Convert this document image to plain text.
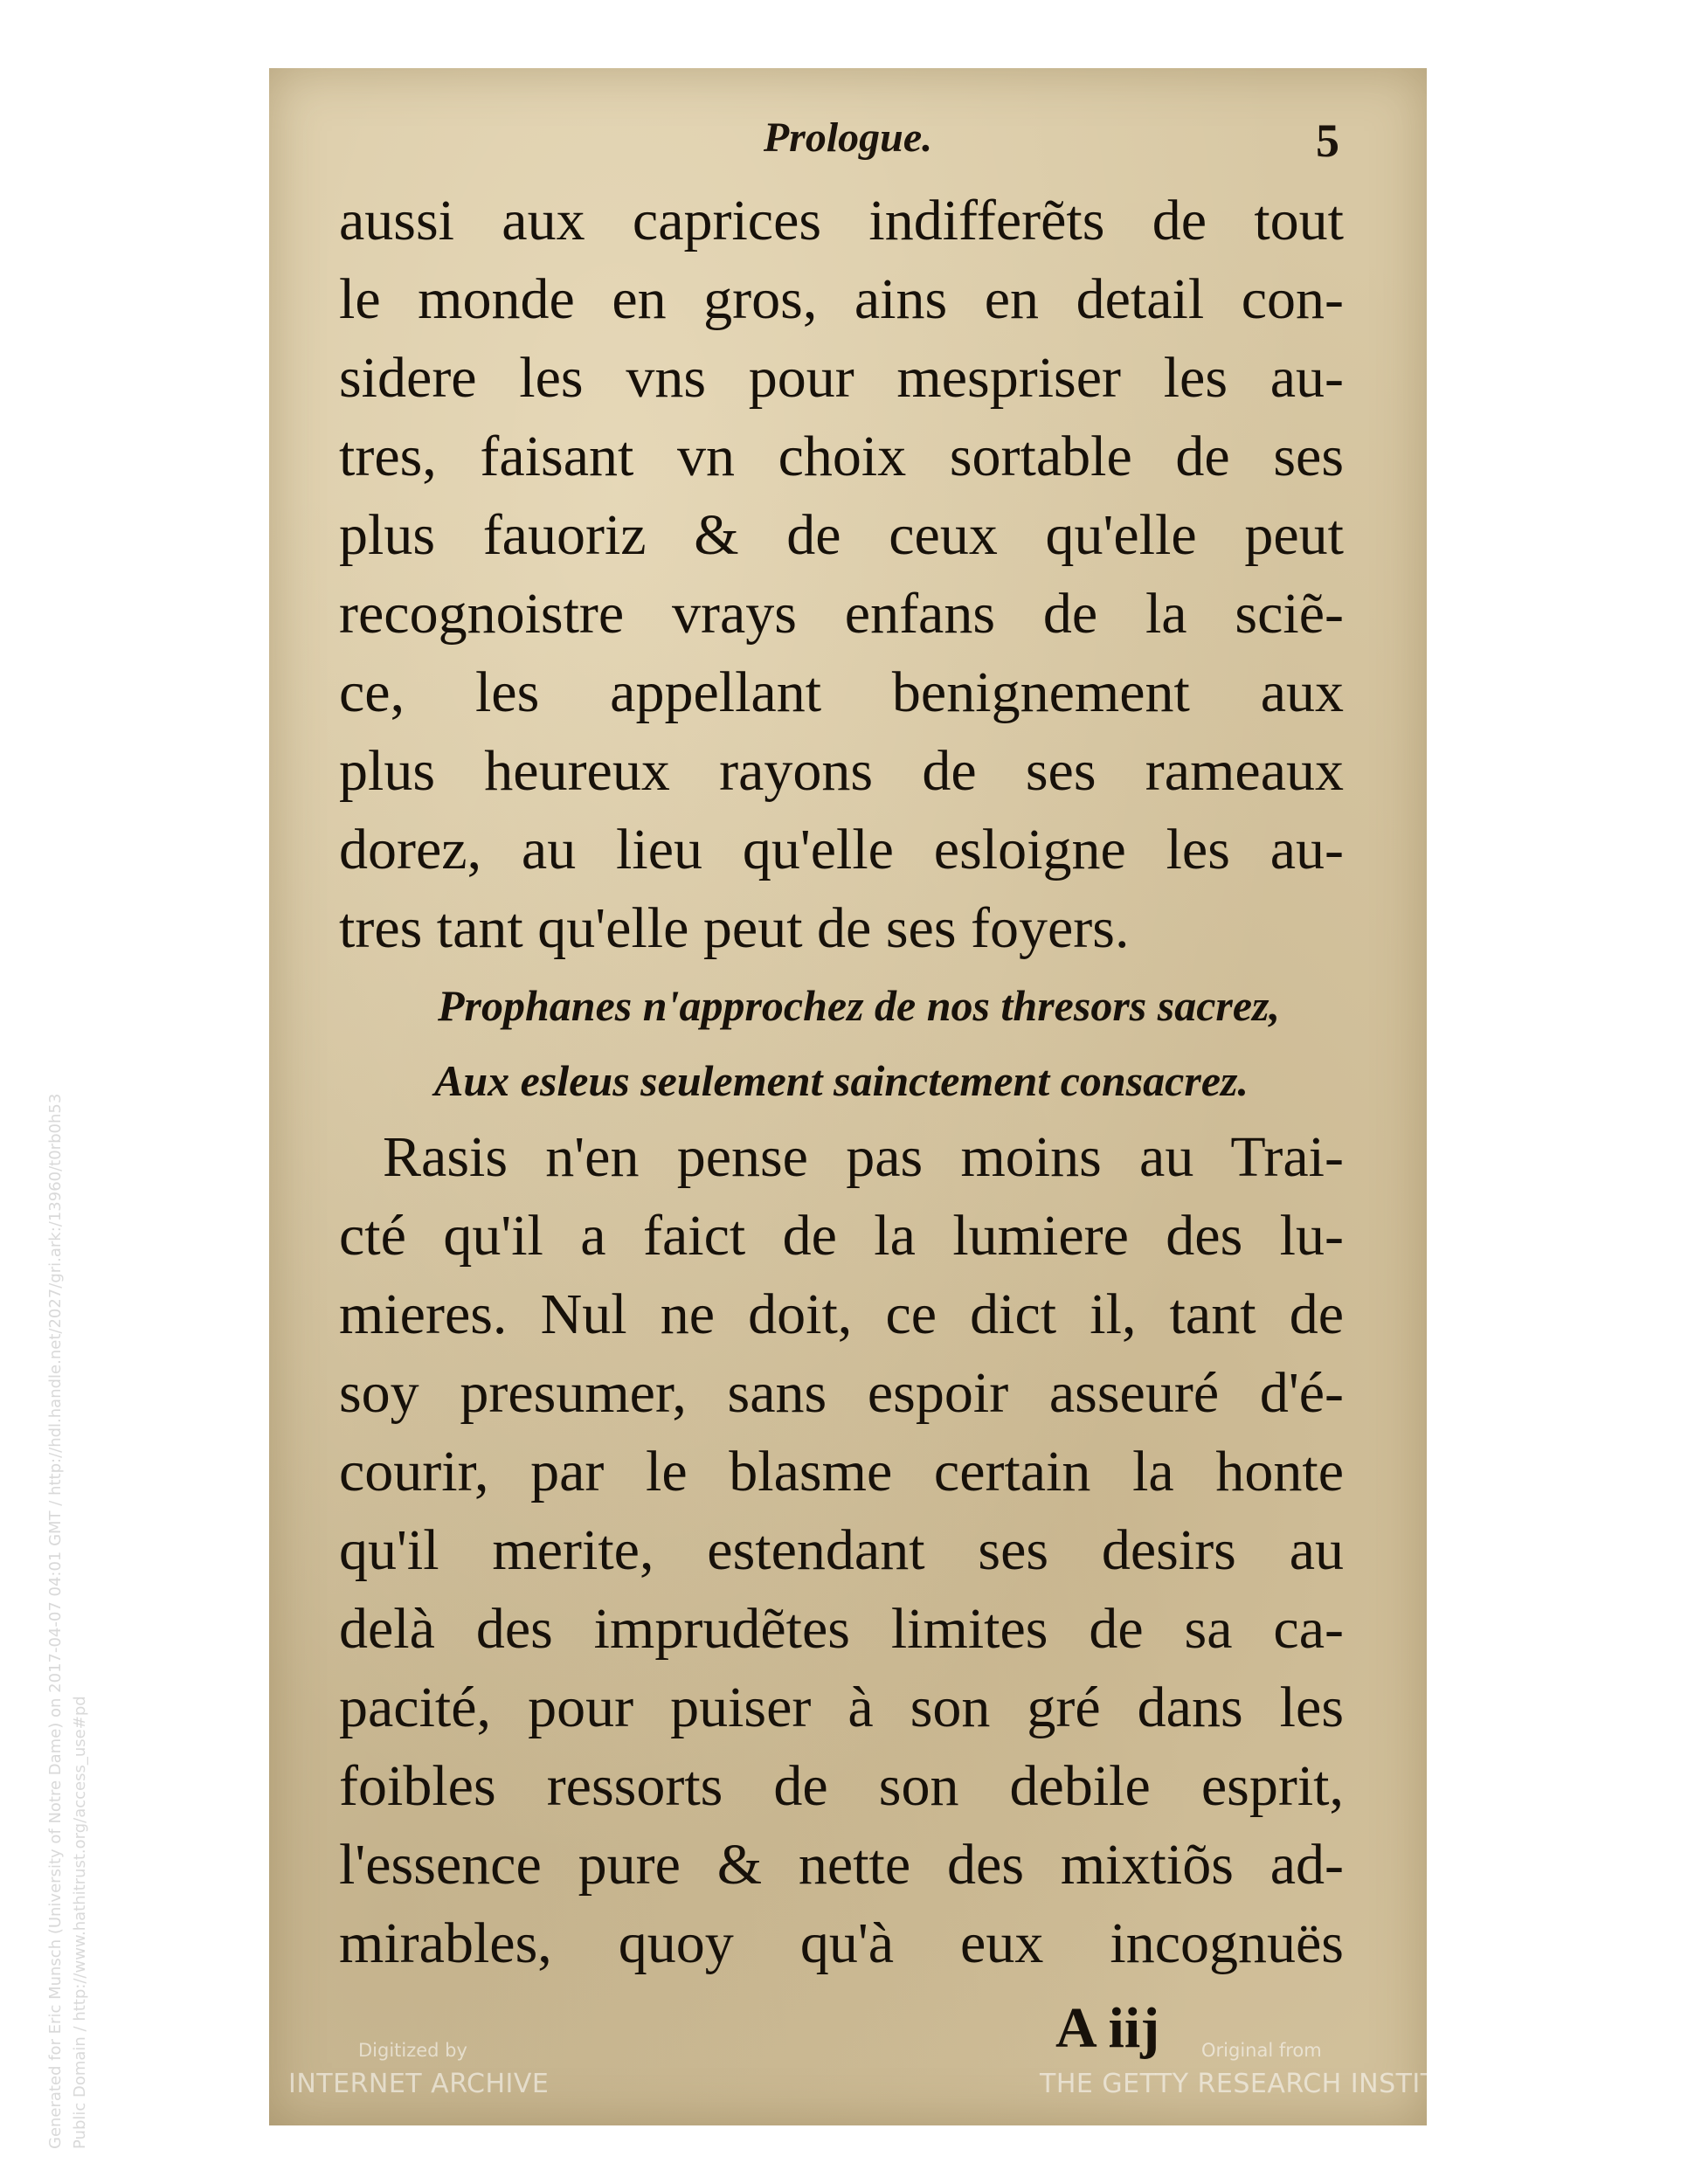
Generated for Eric Munsch (University of Notre Dame) on 2017-04-07 04:01 GMT / http://hdl.handle.net/2027/gri.ark:/13960/t0rb0h53 Public Domain / http://www.hathitrust.org/access_use#pd
Prologue.	5
aussi aux caprices indifferẽts de tout
le monde en gros, ains en detail con-
sidere les vns pour mespriser les au-
tres, faisant vn choix sortable de ses
plus fauoriz & de ceux qu'elle peut
recognoistre vrays enfans de la sciẽ-
ce, les appellant benignement aux
plus heureux rayons de ses rameaux
dorez, au lieu qu'elle esloigne les au-
tres tant qu'elle peut de ses foyers.
Prophanes n'approchez de nos thresors sacrez,
Aux esleus seulement sainctement consacrez.
Rasis n'en pense pas moins au Trai-
cté qu'il a faict de la lumiere des lu-
mieres. Nul ne doit, ce dict il, tant de
soy presumer, sans espoir asseuré d'é-
courir, par le blasme certain la honte
qu'il merite, estendant ses desirs au
delà des imprudẽtes limites de sa ca-
pacité, pour puiser à son gré dans les
foibles ressorts de son debile esprit,
l'essence pure & nette des mixtiõs ad-
mirables, quoy qu'à eux incognuës
A iij
Digitized by
INTERNET ARCHIVE
Original from
THE GETTY RESEARCH INSTITUTE
